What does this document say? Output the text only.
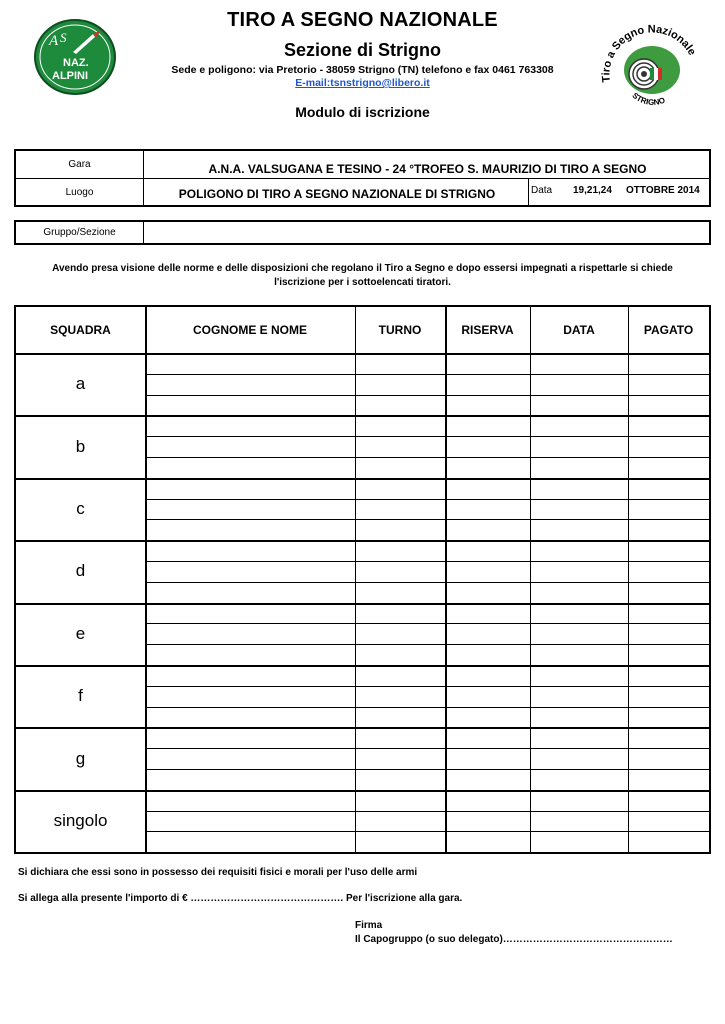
A S
NAZ.
ALPINI	Tiro a Segno Nazionale
STRIGNO
TIRO A SEGNO NAZIONALE
Sezione di Strigno
Sede e poligono: via Pretorio - 38059 Strigno (TN) telefono e fax 0461 763308
E-mail:tsnstrigno@libero.it
Modulo di iscrizione
Gara	A.N.A. VALSUGANA E TESINO - 24 °TROFEO S. MAURIZIO DI TIRO A SEGNO
Luogo	POLIGONO DI TIRO A SEGNO NAZIONALE DI STRIGNO	Data	19,21,24	OTTOBRE 2014
Gruppo/Sezione
Avendo presa visione delle norme e delle disposizioni che regolano il Tiro a Segno e dopo essersi impegnati a rispettarle si chiede
l'iscrizione per i sottoelencati tiratori.
SQUADRA	COGNOME E NOME	TURNO	RISERVA	DATA	PAGATO
a
b
c
d
e
f
g
singolo
Si dichiara che essi sono in possesso dei requisiti fisici e morali per l'uso delle armi
Si allega alla presente l'importo di € ………………………………………. Per l'iscrizione alla gara.
Firma
Il Capogruppo (o suo delegato)……………………………………………
